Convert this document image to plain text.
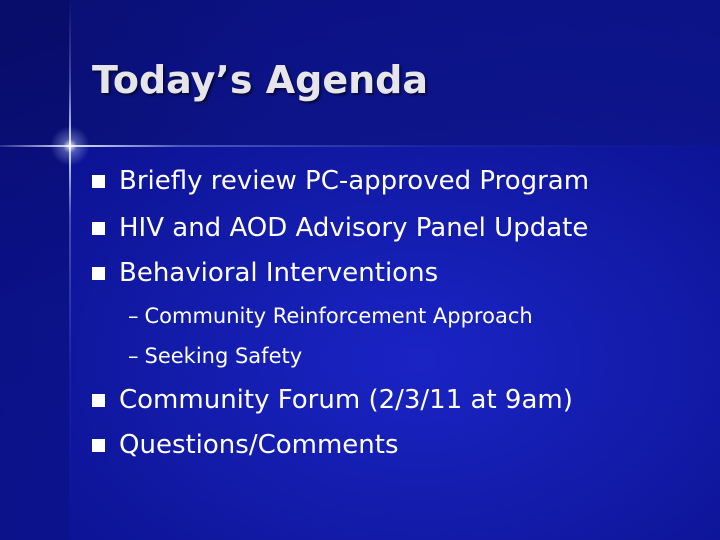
Today’s Agenda
Briefly review PC-approved Program
HIV and AOD Advisory Panel Update
Behavioral Interventions
– Community Reinforcement Approach
– Seeking Safety
Community Forum (2/3/11 at 9am)
Questions/Comments
